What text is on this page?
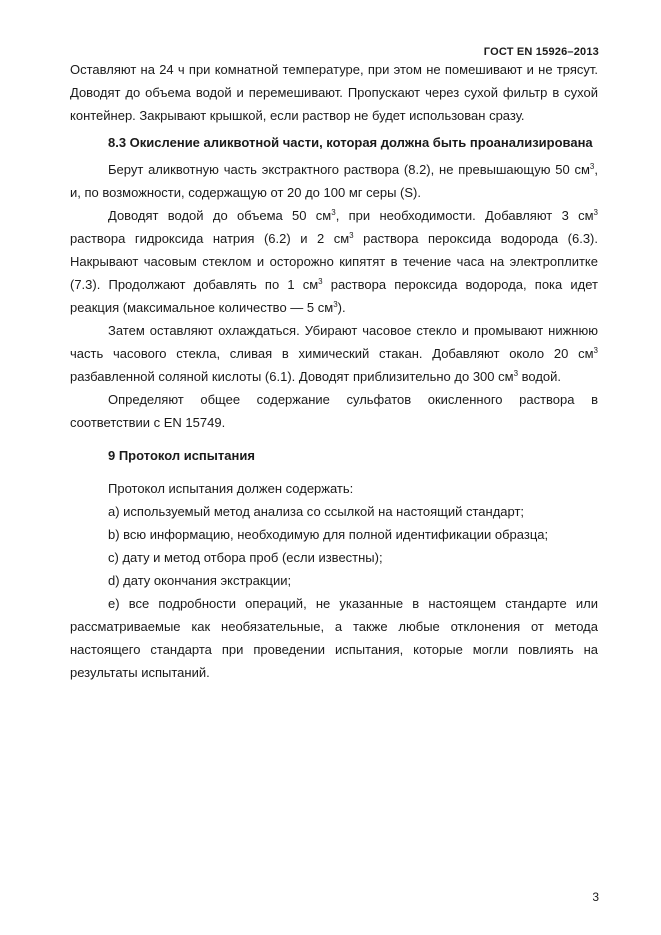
ГОСТ EN 15926–2013

Оставляют на 24 ч при комнатной температуре, при этом не помешивают и не трясут. Доводят до объема водой и перемешивают. Пропускают через сухой фильтр в сухой контейнер. Закрывают крышкой, если раствор не будет использован сразу.

8.3 Окисление аликвотной части, которая должна быть проанализирована

Берут аликвотную часть экстрактного раствора (8.2), не превышающую 50 $см^3$, и, по возможности, содержащую от 20 до 100 мг серы (S).

Доводят водой до объема 50 $см^3$, при необходимости. Добавляют 3 $см^3$ раствора гидроксида натрия (6.2) и 2 $см^3$ раствора пероксида водорода (6.3). Накрывают часовым стеклом и осторожно кипятят в течение часа на электроплитке (7.3). Продолжают добавлять по 1 $см^3$ раствора пероксида водорода, пока идет реакция (максимальное количество — 5 $см^3$).

Затем оставляют охлаждаться. Убирают часовое стекло и промывают нижнюю часть часового стекла, сливая в химический стакан. Добавляют около 20 $см^3$ разбавленной соляной кислоты (6.1). Доводят приблизительно до 300 $см^3$ водой.

Определяют общее содержание сульфатов окисленного раствора в соответствии с EN 15749.

9 Протокол испытания

Протокол испытания должен содержать:

a) используемый метод анализа со ссылкой на настоящий стандарт;

b) всю информацию, необходимую для полной идентификации образца;

c) дату и метод отбора проб (если известны);

d) дату окончания экстракции;

e) все подробности операций, не указанные в настоящем стандарте или рассматриваемые как необязательные, а также любые отклонения от метода настоящего стандарта при проведении испытания, которые могли повлиять на результаты испытаний.

3
